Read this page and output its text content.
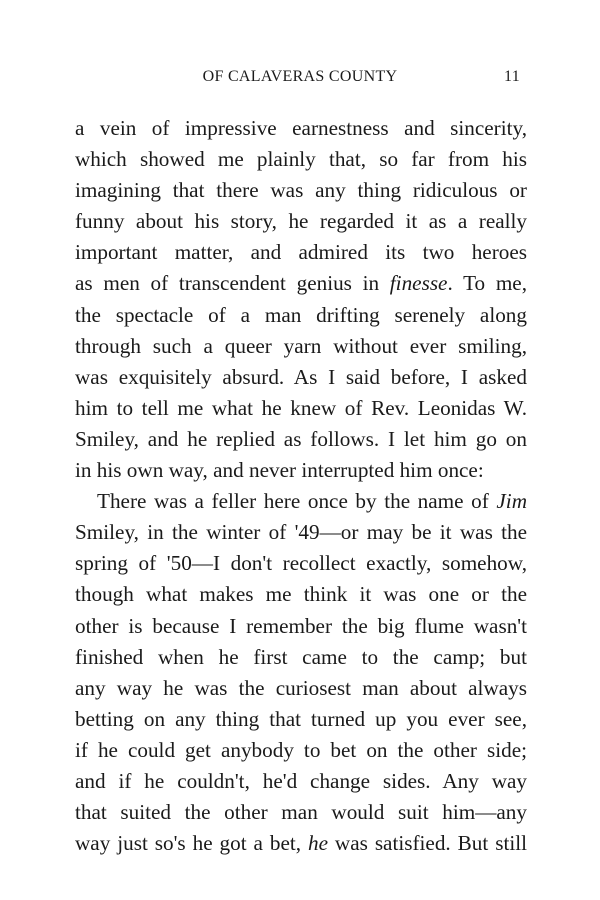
OF CALAVERAS COUNTY	11
a vein of impressive earnestness and sincerity,
which showed me plainly that, so far from his
imagining that there was any thing ridiculous or
funny about his story, he regarded it as a really
important matter, and admired its two heroes
as men of transcendent genius in finesse. To me,
the spectacle of a man drifting serenely along
through such a queer yarn without ever smiling,
was exquisitely absurd. As I said before, I asked
him to tell me what he knew of Rev. Leonidas W.
Smiley, and he replied as follows. I let him go on
in his own way, and never interrupted him once:
There was a feller here once by the name of Jim
Smiley, in the winter of '49—or may be it was the
spring of '50—I don't recollect exactly, somehow,
though what makes me think it was one or the
other is because I remember the big flume wasn't
finished when he first came to the camp; but
any way he was the curiosest man about always
betting on any thing that turned up you ever see,
if he could get anybody to bet on the other side;
and if he couldn't, he'd change sides. Any way
that suited the other man would suit him—any
way just so's he got a bet, he was satisfied. But still
